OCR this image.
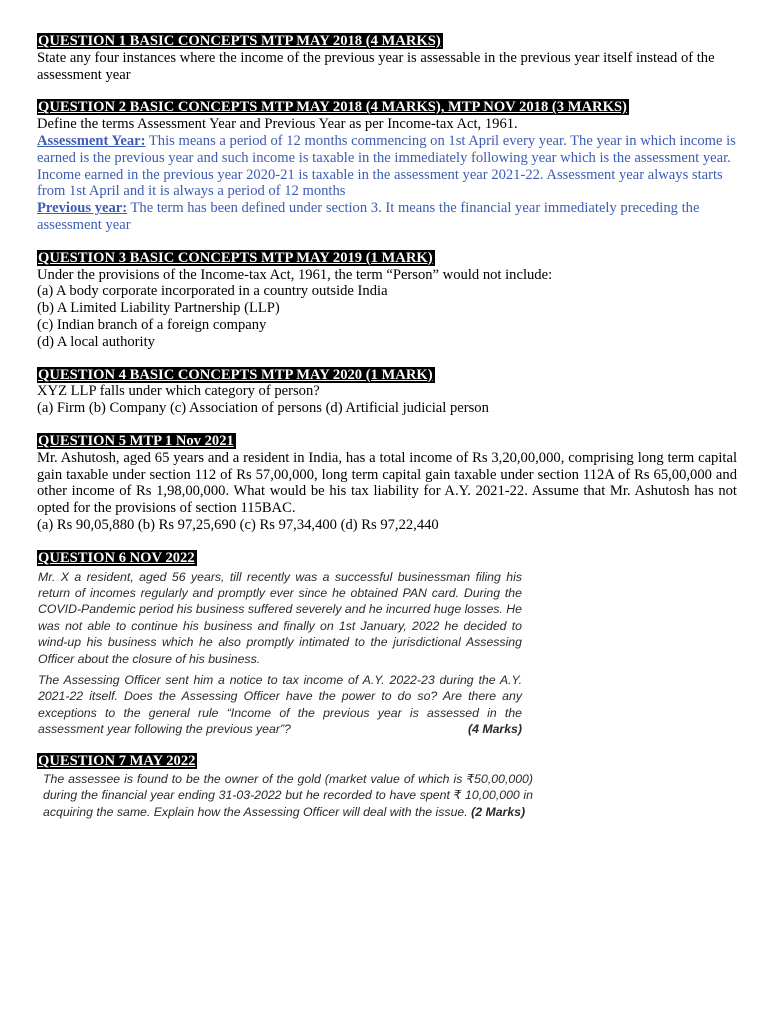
QUESTION 1 BASIC CONCEPTS MTP MAY 2018 (4 MARKS)
State any four instances where the income of the previous year is assessable in the previous year itself instead of the assessment year
QUESTION 2 BASIC CONCEPTS MTP MAY 2018 (4 MARKS), MTP NOV 2018 (3 MARKS)
Define the terms Assessment Year and Previous Year as per Income-tax Act, 1961.
Assessment Year: This means a period of 12 months commencing on 1st April every year. The year in which income is earned is the previous year and such income is taxable in the immediately following year which is the assessment year. Income earned in the previous year 2020-21 is taxable in the assessment year 2021-22. Assessment year always starts from 1st April and it is always a period of 12 months
Previous year: The term has been defined under section 3. It means the financial year immediately preceding the assessment year
QUESTION 3 BASIC CONCEPTS MTP MAY 2019 (1 MARK)
Under the provisions of the Income-tax Act, 1961, the term “Person” would not include:
(a) A body corporate incorporated in a country outside India
(b) A Limited Liability Partnership (LLP)
(c) Indian branch of a foreign company
(d) A local authority
QUESTION 4 BASIC CONCEPTS MTP MAY 2020 (1 MARK)
XYZ LLP falls under which category of person?
(a) Firm (b) Company (c) Association of persons (d) Artificial judicial person
QUESTION 5 MTP 1 Nov 2021
Mr. Ashutosh, aged 65 years and a resident in India, has a total income of Rs 3,20,00,000, comprising long term capital gain taxable under section 112 of Rs 57,00,000, long term capital gain taxable under section 112A of Rs 65,00,000 and other income of Rs 1,98,00,000. What would be his tax liability for A.Y. 2021-22. Assume that Mr. Ashutosh has not opted for the provisions of section 115BAC.
(a) Rs 90,05,880 (b) Rs 97,25,690 (c) Rs 97,34,400 (d) Rs 97,22,440
QUESTION 6 NOV 2022

Mr. X a resident, aged 56 years, till recently was a successful businessman filing his return of incomes regularly and promptly ever since he obtained PAN card. During the COVID-Pandemic period his business suffered severely and he incurred huge losses. He was not able to continue his business and finally on 1st January, 2022 he decided to wind-up his business which he also promptly intimated to the jurisdictional Assessing Officer about the closure of his business.

The Assessing Officer sent him a notice to tax income of A.Y. 2022-23 during the A.Y. 2021-22 itself. Does the Assessing Officer have the power to do so? Are there any exceptions to the general rule “Income of the previous year is assessed in the assessment year following the previous year”?	(4 Marks)
QUESTION 7 MAY 2022

The assessee is found to be the owner of the gold (market value of which is ₹50,00,000) during the financial year ending 31-03-2022 but he recorded to have spent ₹ 10,00,000 in acquiring the same. Explain how the Assessing Officer will deal with the issue. (2 Marks)
